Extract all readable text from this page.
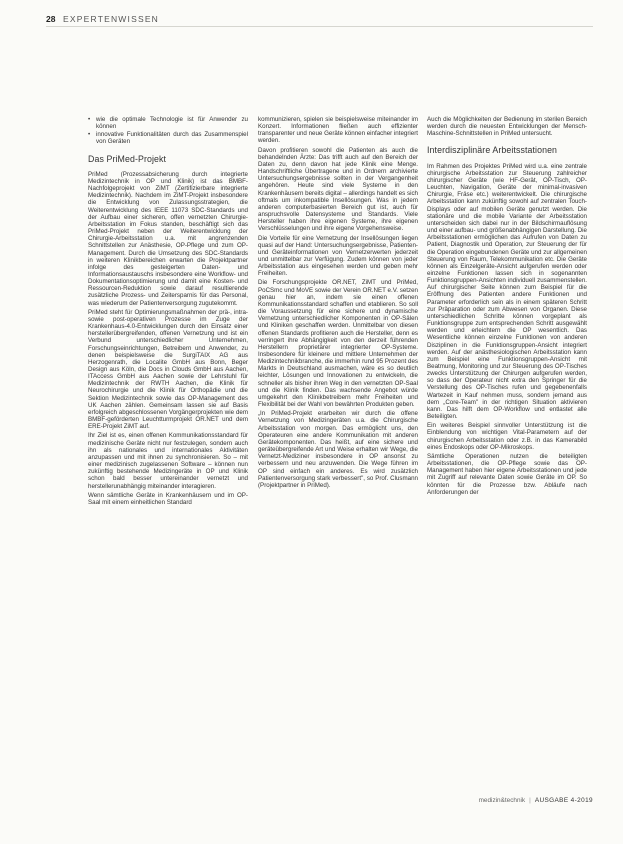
28 EXPERTENWISSEN
• wie die optimale Technologie ist für Anwender zu können
• innovative Funktionalitäten durch das Zusammenspiel von Geräten
Das PriMed-Projekt

PriMed (Prozessabsicherung durch integrierte Medizintechnik in OP und Klinik) ist das BMBF-Nachfolgeprojekt von ZiMT (Zertifizierbare integrierte Medizintechnik). Nachdem im ZiMT-Projekt insbesondere die Entwicklung von Zulassungsstrategien, die Weiterentwicklung des IEEE 11073 SDC-Standards und der Aufbau einer sicheren, offen vernetzten Chirurgie-Arbeitsstation im Fokus standen, beschäftigt sich das PriMed-Projekt neben der Weiterentwicklung der Chirurgie-Arbeitsstation u.a. mit angrenzenden Schnittstellen zur Anästhesie, OP-Pflege und zum OP-Management. Durch die Umsetzung des SDC-Standards in weiteren Klinikbereichen erwarten die Projektpartner infolge des gesteigerten Daten- und Informationsaustauschs insbesondere eine Workflow- und Dokumentationsoptimierung und damit eine Kosten- und Ressourcen-Reduktion sowie darauf resultierende zusätzliche Prozess- und Zeitersparnis für das Personal, was wiederum der Patientenversorgung zugutekommt.

PriMed steht für Optimierungsmaßnahmen der prä-, intra- sowie post-operativen Prozesse im Zuge der Krankenhaus-4.0-Entwicklungen durch den Einsatz einer herstellerübergreifenden, offenen Vernetzung und ist ein Verbund unterschiedlicher Unternehmen, Forschungseinrichtungen, Betreibern und Anwender, zu denen beispielsweise die SurgiTAIX AG aus Herzogenrath, die Localite GmbH aus Bonn, Beger Design aus Köln, die Docs in Clouds GmbH aus Aachen, ITAccess GmbH aus Aachen sowie der Lehrstuhl für Medizintechnik der RWTH Aachen, die Klinik für Neurochirurgie und die Klinik für Orthopädie und die Sektion Medizintechnik sowie das OP-Management des UK Aachen zählen. Gemeinsam lassen sie auf Basis erfolgreich abgeschlossenen Vorgängerprojekten wie dem BMBF-geförderten Leuchtturmprojekt OR.NET und dem ERE-Projekt ZiMT auf.

Ihr Ziel ist es, einen offenen Kommunikationsstandard für medizinische Geräte nicht nur festzulegen, sondern auch ihn als nationales und internationales Aktivitäten anzupassen und mit ihnen zu synchronisieren. So – mit einer medizinisch zugelassenen Software – können nun zukünftig bestehende Medizingeräte in OP und Klinik schon bald besser untereinander vernetzt und herstellerunabhängig miteinander interagieren.

Wenn sämtliche Geräte in Krankenhäusern und im OP-Saal mit einem einheitlichen Standard

kommunizieren, spielen sie beispielsweise miteinander im Konzert. Informationen fließen auch effizienter transparenter und neue Geräte können einfacher integriert werden.

Davon profitieren sowohl die Patienten als auch die behandelnden Ärzte: Das trifft auch auf den Bereich der Daten zu, denn davon hat jede Klinik eine Menge. Handschriftliche Übertragene und in Ordnern archivierte Untersuchungsergebnisse sollten in der Vergangenheit angehören. Heute sind viele Systeme in den Krankenhäusern bereits digital – allerdings handelt es sich oftmals um inkompatible Insellösungen. Was in jedem anderen computerbasierten Bereich gut ist, auch für anspruchsvolle Datensysteme und Standards. Viele Hersteller haben ihre eigenen Systeme, ihre eigenen Verschlüsselungen und ihre eigene Vorgehensweise.

Die Vorteile für eine Vernetzung der Insellösungen liegen quasi auf der Hand: Untersuchungsergebnisse, Patienten- und Geräteinformationen von Vernetzerwerten jederzeit und unmittelbar zur Verfügung. Zudem können von jeder Arbeitsstation aus eingesehen werden und geben mehr Freiheiten.

Die Forschungsprojekte OR.NET, ZiMT und PriMed, PoCSmc und MoVE sowie der Verein OR.NET e.V. setzen genau hier an, indem sie einen offenen Kommunikationsstandard schaffen und etablieren. So soll die Voraussetzung für eine sichere und dynamische Vernetzung unterschiedlicher Komponenten in OP-Sälen und Kliniken geschaffen werden. Unmittelbar von diesen offenen Standards profitieren auch die Hersteller, denn es verringert ihre Abhängigkeit von den derzeit führenden Herstellern proprietärer integrierter OP-Systeme. Insbesondere für kleinere und mittlere Unternehmen der Medizintechnikbranche, die immerhin rund 95 Prozent des Markts in Deutschland ausmachen, wäre es so deutlich leichter, Lösungen und Innovationen zu entwickeln, die schneller als bisher ihren Weg in den vernetzten OP-Saal und die Klinik finden. Das wachsende Angebot würde umgekehrt den Klinikbetreibern mehr Freiheiten und Flexibilität bei der Wahl von bewährten Produkten geben.

„In PriMed-Projekt erarbeiten wir durch die offene Vernetzung von Medizingeräten u.a. die Chirurgische Arbeitsstation von morgen. Das ermöglicht uns, den Operateuren eine andere Kommunikation mit anderen Gerätekomponenten. Das heißt, auf eine sichere und geräteübergreifende Art und Weise erhalten wir Wege, die Vernetzt-Mediziner insbesondere in OP ansonst zu verbessern und neu anzuwenden. Die Wege führen im OP sind einfach ein anderes. Es wird zusätzlich Patientenversorgung stark verbessert", so Prof. Clusmann (Projektpartner in PriMed).

Auch die Möglichkeiten der Bedienung im sterilen Bereich werden durch die neuesten Entwicklungen der Mensch-Maschine-Schnittstellen in PriMed untersucht.

Interdisziplinäre Arbeitsstationen

Im Rahmen des Projektes PriMed wird u.a. eine zentrale chirurgische Arbeitsstation zur Steuerung zahlreicher chirurgischer Geräte (wie HF-Gerät, OP-Tisch, OP-Leuchten, Navigation, Geräte der minimal-invasiven Chirurgie, Fräse etc.) weiterentwickelt. Die chirurgische Arbeitsstation kann zukünftig sowohl auf zentralen Touch-Displays oder auf mobilen Geräte genutzt werden. Die stationäre und die mobile Variante der Arbeitsstation unterscheiden sich dabei nur in der Bildschirmauflösung und einer aufbau- und größenabhängigen Darstellung. Die Arbeitsstationen ermöglichen das Aufrufen von Daten zu Patient, Diagnostik und Operation, zur Steuerung der für die Operation eingebundenen Geräte und zur allgemeinen Steuerung von Raum, Telekommunikation etc. Die Geräte können als Einzelgeräte-Ansicht aufgerufen werden oder einzelne Funktionen lassen sich in sogenannten Funktionsgruppen-Ansichten individuell zusammenstellen. Auf chirurgischer Seite können zum Beispiel für die Eröffnung des Patienten andere Funktionen und Parameter erforderlich sein als in einem späteren Schritt zur Präparation oder zum Abwesen von Organen. Diese unterschiedlichen Schritte können vorgeplant als Funktionsgruppe zum entsprechenden Schritt ausgewählt werden und erleichtern die OP wesentlich. Das Wesentliche können einzelne Funktionen von anderen Disziplinen in die Funktionsgruppen-Ansicht integriert werden. Auf der anästhesiologischen Arbeitsstation kann zum Beispiel eine Funktionsgruppen-Ansicht mit Beatmung, Monitoring und zur Steuerung des OP-Tisches zwecks Unterstützung der Chirurgen aufgerufen werden, so dass der Operateur nicht extra den Springer für die Verstellung des OP-Tisches rufen und gegebenenfalls Wartezeit in Kauf nehmen muss, sondern jemand aus dem „Core-Team" in der richtigen Situation aktivieren kann. Das hilft dem OP-Workflow und entlastet alle Beteiligten.

Ein weiteres Beispiel sinnvoller Unterstützung ist die Einblendung von wichtigen Vital-Parametern auf der chirurgischen Arbeitsstation oder z.B. in das Kamerabild eines Endoskops oder OP-Mikroskops.

Sämtliche Operationen nutzen die beteiligten Arbeitsstationen, die OP-Pflege sowie das OP-Management haben hier eigene Arbeitsstationen und jede mit Zugriff auf relevante Daten sowie Geräte im OP. So könnten für die Prozesse bzw. Abläufe nach Anforderungen der

medizin&technik | AUSGABE 4-2019
